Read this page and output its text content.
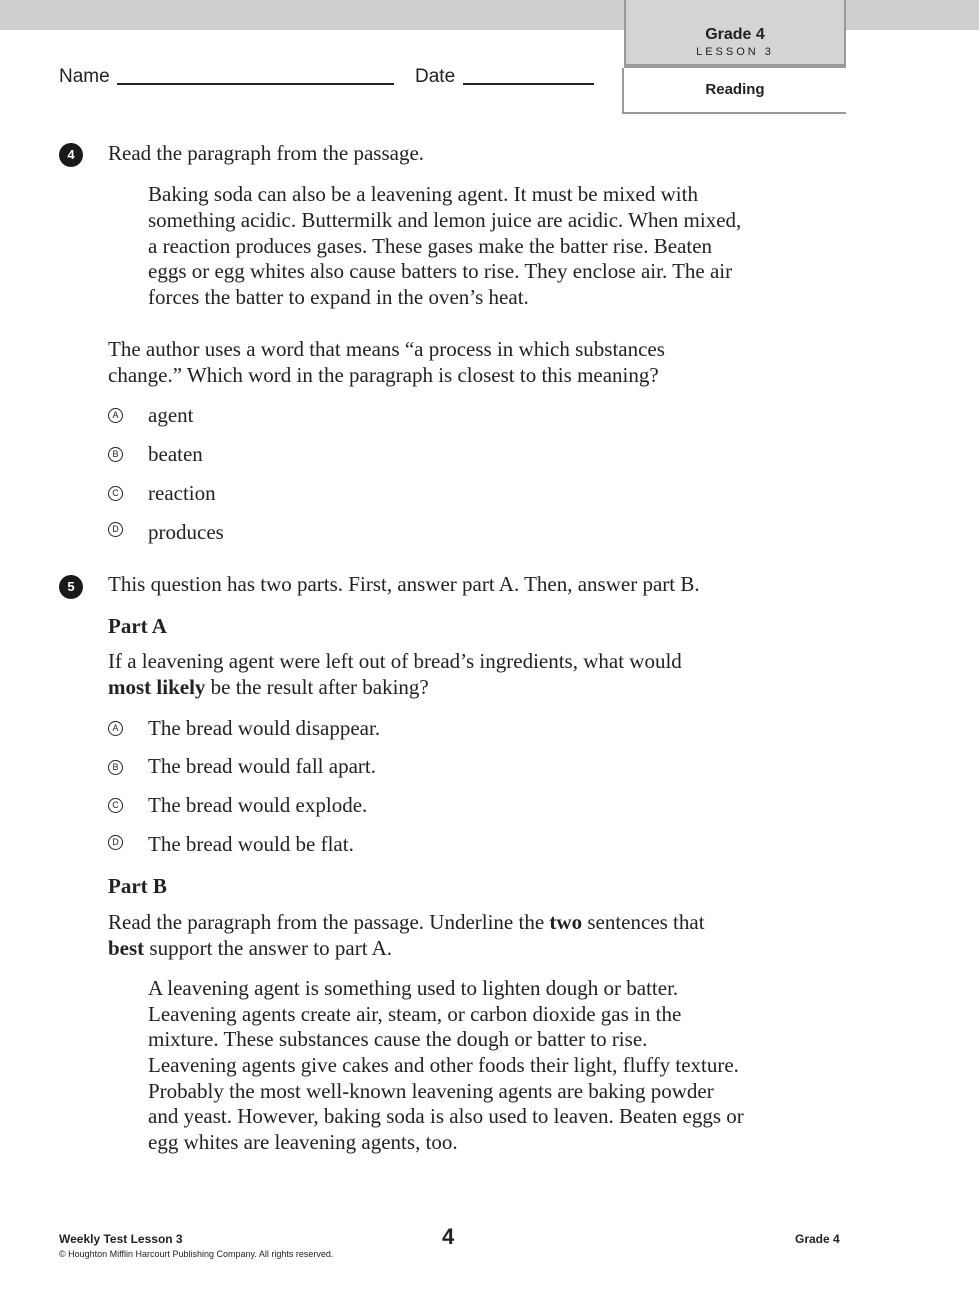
Grade 4
LESSON 3
Reading
Name	Date
4	Read the paragraph from the passage.

Baking soda can also be a leavening agent. It must be mixed with

something acidic. Buttermilk and lemon juice are acidic. When mixed,

a reaction produces gases. These gases make the batter rise. Beaten

eggs or egg whites also cause batters to rise. They enclose air. The air

forces the batter to expand in the oven’s heat.

The author uses a word that means “a process in which substances

change.” Which word in the paragraph is closest to this meaning?

A agent
B beaten
C reaction
D produces
5	This question has two parts. First, answer part A. Then, answer part B.

Part A

If a leavening agent were left out of bread’s ingredients, what would

most likely be the result after baking?

A The bread would disappear.
B The bread would fall apart.
C The bread would explode.
D The bread would be flat.

Part B

Read the paragraph from the passage. Underline the two sentences that

best support the answer to part A.

A leavening agent is something used to lighten dough or batter.

Leavening agents create air, steam, or carbon dioxide gas in the

mixture. These substances cause the dough or batter to rise.

Leavening agents give cakes and other foods their light, fluffy texture.

Probably the most well-known leavening agents are baking powder

and yeast. However, baking soda is also used to leaven. Beaten eggs or

egg whites are leavening agents, too.

Weekly Test Lesson 3
© Houghton Mifflin Harcourt Publishing Company. All rights reserved.
4	Grade 4
